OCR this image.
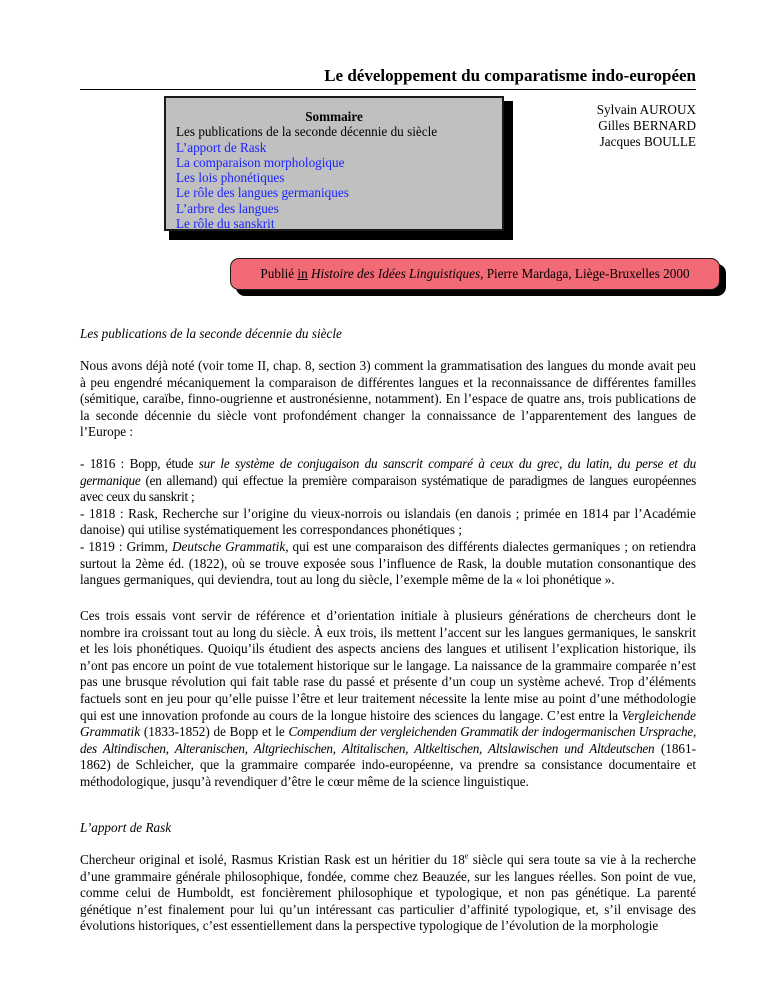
Le développement du comparatisme indo-européen
Sommaire
Les publications de la seconde décennie du siècle
L’apport de Rask
La comparaison morphologique
Les lois phonétiques
Le rôle des langues germaniques
L’arbre des langues
Le rôle du sanskrit
Sylvain AUROUX
Gilles BERNARD
Jacques BOULLE
Publié in Histoire des Idées Linguistiques, Pierre Mardaga, Liège-Bruxelles 2000
Les publications de la seconde décennie du siècle

Nous avons déjà noté (voir tome II, chap. 8, section 3) comment la grammatisation des langues du monde avait peu à peu engendré mécaniquement la comparaison de différentes langues et la reconnaissance de différentes familles (sémitique, caraïbe, finno-ougrienne et austronésienne, notamment). En l’espace de quatre ans, trois publications de la seconde décennie du siècle vont profondément changer la connaissance de l’apparentement des langues de l’Europe :

- 1816 : Bopp, étude sur le système de conjugaison du sanscrit comparé à ceux du grec, du latin, du perse et du germanique (en allemand) qui effectue la première comparaison systématique de paradigmes de langues européennes avec ceux du sanskrit ;

- 1818 : Rask, Recherche sur l’origine du vieux-norrois ou islandais (en danois ; primée en 1814 par l’Académie danoise) qui utilise systématiquement les correspondances phonétiques ;

- 1819 : Grimm, Deutsche Grammatik, qui est une comparaison des différents dialectes germaniques ; on retiendra surtout la 2ème éd. (1822), où se trouve exposée sous l’influence de Rask, la double mutation consonantique des langues germaniques, qui deviendra, tout au long du siècle, l’exemple même de la « loi phonétique ».

Ces trois essais vont servir de référence et d’orientation initiale à plusieurs générations de chercheurs dont le nombre ira croissant tout au long du siècle. À eux trois, ils mettent l’accent sur les langues germaniques, le sanskrit et les lois phonétiques. Quoiqu’ils étudient des aspects anciens des langues et utilisent l’explication historique, ils n’ont pas encore un point de vue totalement historique sur le langage. La naissance de la grammaire comparée n’est pas une brusque révolution qui fait table rase du passé et présente d’un coup un système achevé. Trop d’éléments factuels sont en jeu pour qu’elle puisse l’être et leur traitement nécessite la lente mise au point d’une méthodologie qui est une innovation profonde au cours de la longue histoire des sciences du langage. C’est entre la Vergleichende Grammatik (1833-1852) de Bopp et le Compendium der vergleichenden Grammatik der indogermanischen Ursprache, des Altindischen, Alteranischen, Altgriechischen, Altitalischen, Altkeltischen, Altslawischen und Altdeutschen (1861-1862) de Schleicher, que la grammaire comparée indo-européenne, va prendre sa consistance documentaire et méthodologique, jusqu’à revendiquer d’être le cœur même de la science linguistique.

L’apport de Rask

Chercheur original et isolé, Rasmus Kristian Rask est un héritier du 18e siècle qui sera toute sa vie à la recherche d’une grammaire générale philosophique, fondée, comme chez Beauzée, sur les langues réelles. Son point de vue, comme celui de Humboldt, est foncièrement philosophique et typologique, et non pas génétique. La parenté génétique n’est finalement pour lui qu’un intéressant cas particulier d’affinité typologique, et, s’il envisage des évolutions historiques, c’est essentiellement dans la perspective typologique de l’évolution de la morphologie
